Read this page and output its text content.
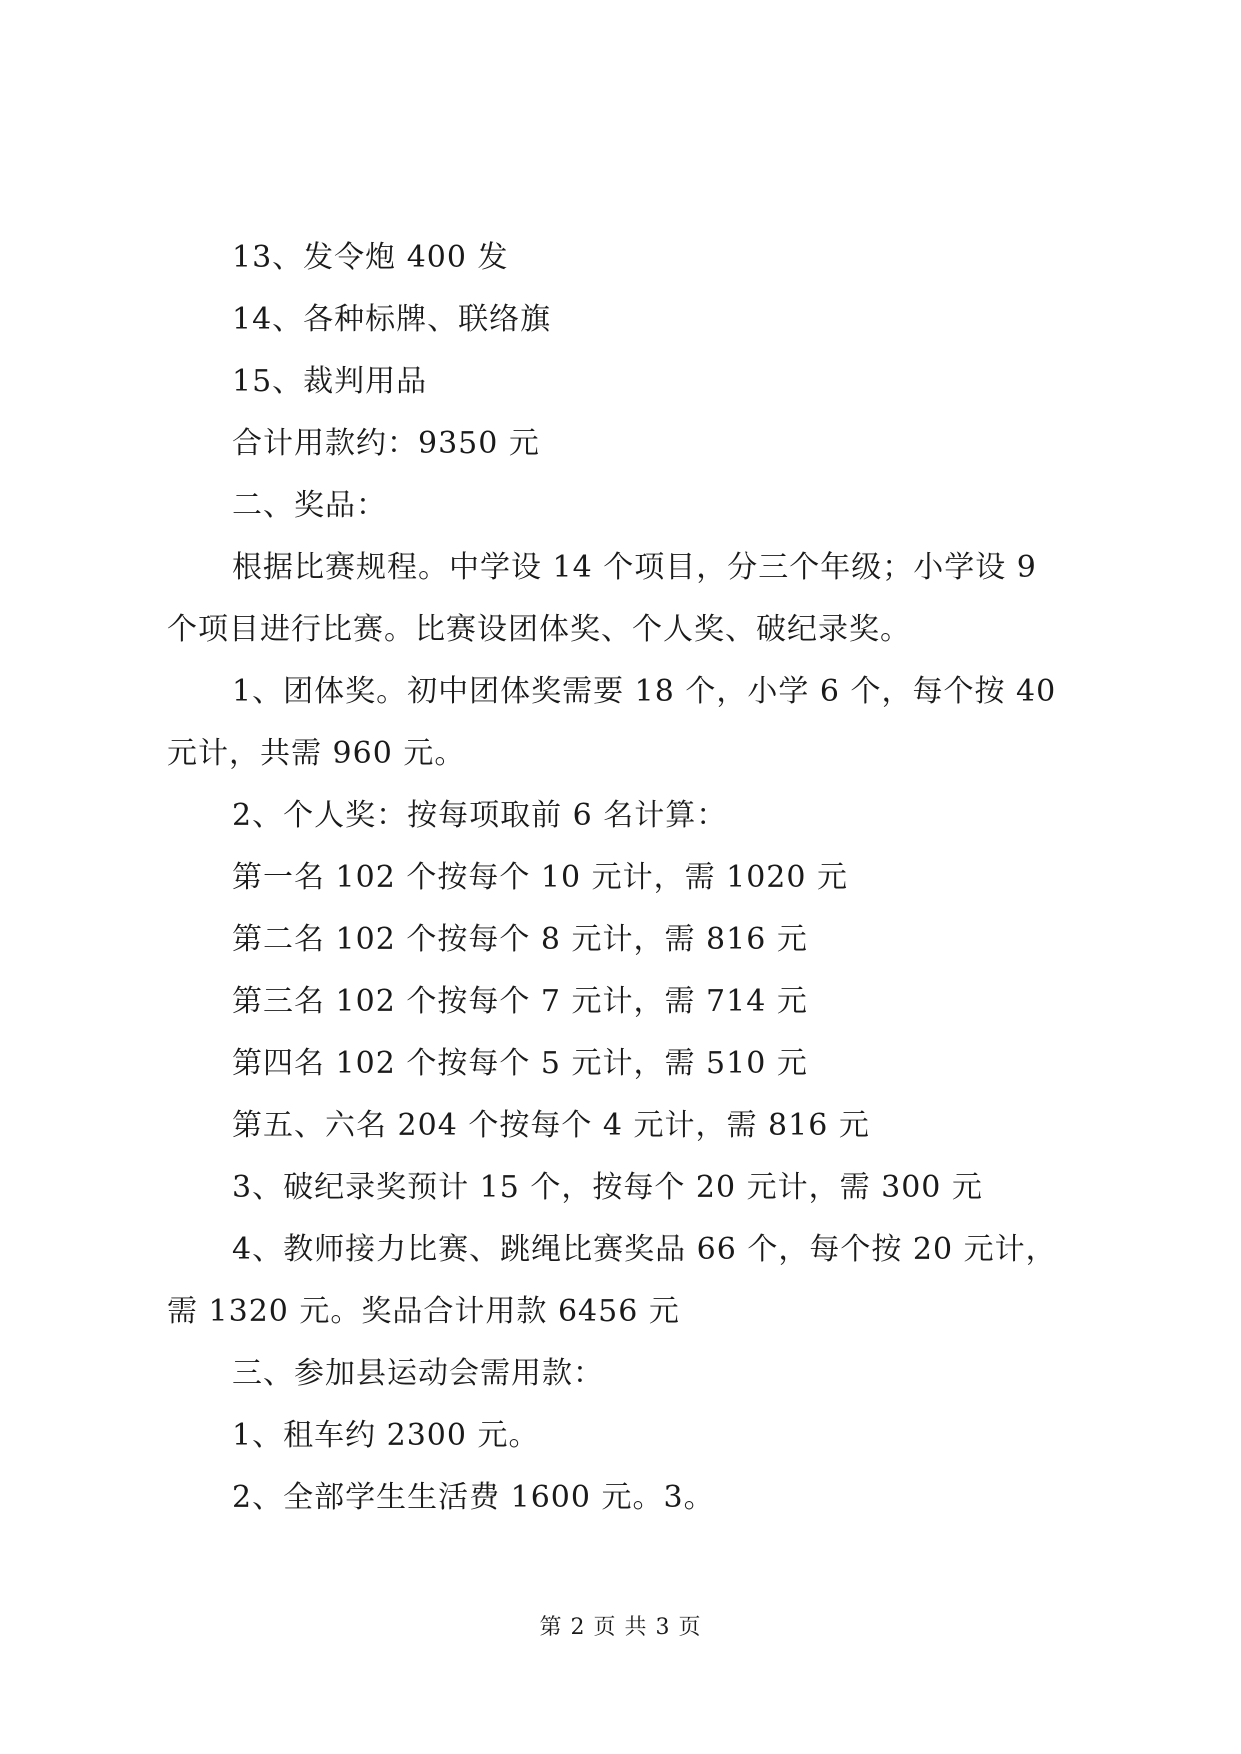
13、发令炮 400 发
14、各种标牌、联络旗
15、裁判用品
合计用款约：9350 元
二、奖品：
根据比赛规程。中学设 14 个项目，分三个年级；小学设 9
个项目进行比赛。比赛设团体奖、个人奖、破纪录奖。
1、团体奖。初中团体奖需要 18 个，小学 6 个，每个按 40
元计，共需 960 元。
2、个人奖：按每项取前 6 名计算：
第一名 102 个按每个 10 元计，需 1020 元
第二名 102 个按每个 8 元计，需 816 元
第三名 102 个按每个 7 元计，需 714 元
第四名 102 个按每个 5 元计，需 510 元
第五、六名 204 个按每个 4 元计，需 816 元
3、破纪录奖预计 15 个，按每个 20 元计，需 300 元
4、教师接力比赛、跳绳比赛奖品 66 个，每个按 20 元计，
需 1320 元。奖品合计用款 6456 元
三、参加县运动会需用款：
1、租车约 2300 元。
2、全部学生生活费 1600 元。3。
第 2 页 共 3 页
